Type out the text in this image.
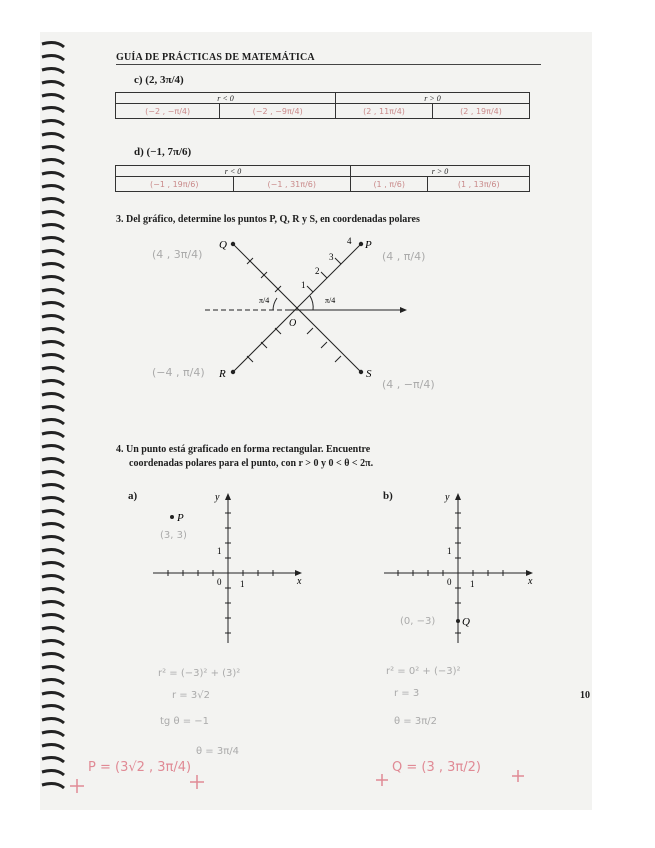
GUÍA DE PRÁCTICAS DE MATEMÁTICA
c) (2, 3π/4)
r < 0		r > 0	
(−2 , −π/4)	(−2 , −9π/4)	(2 , 11π/4)	(2 , 19π/4)
d) (−1, 7π/6)
r < 0		r > 0	
(−1 , 19π/6)	(−1 , 31π/6)	(1 , π/6)	(1 , 13π/6)
3. Del gráfico, determine los puntos P, Q, R y S, en coordenadas polares
P
Q
R	S
O
1
2
3
4
π/4	π/4
(4 , 3π/4)	(4 , π/4)
(−4 , π/4)
(4 , −π/4)
4. Un punto está graficado en forma rectangular. Encuentre
coordenadas polares para el punto, con r > 0 y 0 < θ < 2π.
a)	b)
x
y
1
1
0
P
(3, 3)
x
y
1
1
0
Q
(0, −3)
r² = (−3)² + (3)²
r = 3√2
tg θ = −1
θ = 3π/4
P = (3√2 , 3π/4)
r² = 0² + (−3)²
r = 3
θ = 3π/2
Q = (3 , 3π/2)
10
